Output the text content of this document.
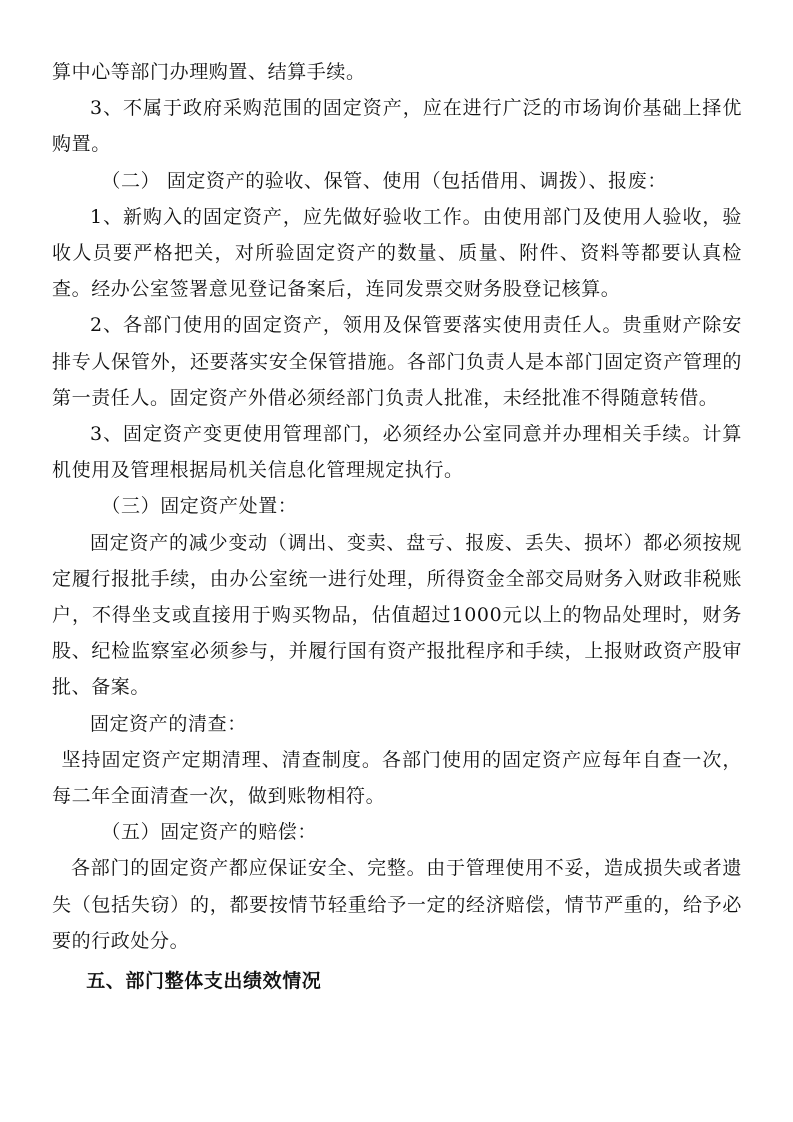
算中心等部门办理购置、结算手续。

3、不属于政府采购范围的固定资产，应在进行广泛的市场询价基础上择优购置。

（二） 固定资产的验收、保管、使用（包括借用、调拨）、报废：

1、新购入的固定资产，应先做好验收工作。由使用部门及使用人验收，验收人员要严格把关，对所验固定资产的数量、质量、附件、资料等都要认真检查。经办公室签署意见登记备案后，连同发票交财务股登记核算。

2、各部门使用的固定资产，领用及保管要落实使用责任人。贵重财产除安排专人保管外，还要落实安全保管措施。各部门负责人是本部门固定资产管理的第一责任人。固定资产外借必须经部门负责人批准，未经批准不得随意转借。

3、固定资产变更使用管理部门，必须经办公室同意并办理相关手续。计算机使用及管理根据局机关信息化管理规定执行。

（三）固定资产处置：

固定资产的减少变动（调出、变卖、盘亏、报废、丢失、损坏）都必须按规定履行报批手续，由办公室统一进行处理，所得资金全部交局财务入财政非税账户，不得坐支或直接用于购买物品，估值超过1000元以上的物品处理时，财务股、纪检监察室必须参与，并履行国有资产报批程序和手续，上报财政资产股审批、备案。

固定资产的清查：

坚持固定资产定期清理、清查制度。各部门使用的固定资产应每年自查一次，每二年全面清查一次，做到账物相符。

（五）固定资产的赔偿：

各部门的固定资产都应保证安全、完整。由于管理使用不妥，造成损失或者遗失（包括失窃）的，都要按情节轻重给予一定的经济赔偿，情节严重的，给予必要的行政处分。

五、部门整体支出绩效情况
